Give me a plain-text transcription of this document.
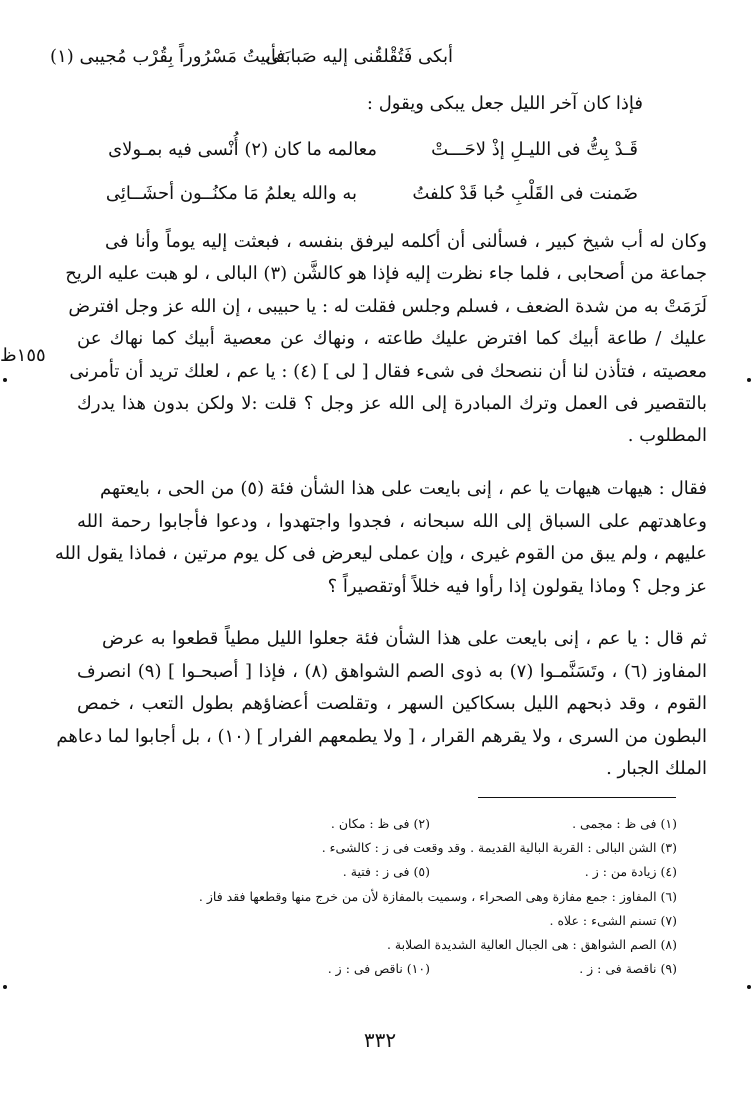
أبكى فَتُقْلقُنى إليه صَبابَتى
فأبيتُ مَسْرُوراً بِقُرْب مُجيبى (١)
فإذا كان آخر الليل جعل يبكى ويقول :
قَـدْ بِتُّ فى الليـلِ إذْ لاحَـــتْ
معالمه ما كان (٢) أُنْسى فيه بمـولاى
ضَمنت فى القَلْبِ حُبا قَدْ كلفتُ
به والله يعلمُ مَا مكنُــون أحشَــائِى
وكان له أب شيخ كبير ، فسألنى أن أكلمه ليرفق بنفسه ، فبعثت إليه يوماً وأنا فى
جماعة من أصحابى ، فلما جاء نظرت إليه فإذا هو كالشَّن (٣) البالى ، لو هبت عليه الريح
لَرَمَتْ به من شدة الضعف ، فسلم وجلس فقلت له : يا حبيبى ، إن الله عز وجل افترض
عليك / طاعة أبيك كما افترض عليك طاعته ، ونهاك عن معصية أبيك كما نهاك عن
معصيته ، فتأذن لنا أن ننصحك فى شىء فقال [ لى ] (٤) : يا عم ، لعلك تريد أن تأمرنى
بالتقصير فى العمل وترك المبادرة إلى الله عز وجل ؟ قلت :لا ولكن بدون هذا يدرك
المطلوب .
١٥٥ظ
فقال : هيهات هيهات يا عم ، إنى بايعت على هذا الشأن فئة (٥) من الحى ، بايعتهم
وعاهدتهم على السباق إلى الله سبحانه ، فجدوا واجتهدوا ، ودعوا فأجابوا رحمة الله
عليهم ، ولم يبق من القوم غيرى ، وإن عملى ليعرض فى كل يوم مرتين ، فماذا يقول الله
عز وجل ؟ وماذا يقولون إذا رأوا فيه خللاً أوتقصيراً ؟
ثم قال : يا عم ، إنى بايعت على هذا الشأن فئة جعلوا الليل مطياً قطعوا به عرض
المفاوز (٦) ، وتَسَنَّمـوا (٧) به ذوى الصم الشواهق (٨) ، فإذا [ أصبحـوا ] (٩) انصرف
القوم ، وقد ذبحهم الليل بسكاكين السهر ، وتقلصت أعضاؤهم بطول التعب ، خمص
البطون من السرى ، ولا يقرهم القرار ، [ ولا يطمعهم الفرار ] (١٠) ، بل أجابوا لما دعاهم
الملك الجبار .
(١) فى ظ : مجمى .
(٢) فى ظ : مكان .
(٣) الشن البالى : القربة البالية القديمة . وقد وقعت فى ز : كالشىء .
(٤) زيادة من : ز .
(٥) فى ز : فتية .
(٦) المفاوز : جمع مفازة وهى الصحراء ، وسميت بالمفازة لأن من خرج منها وقطعها فقد فاز .
(٧) تسنم الشىء : علاه .
(٨) الصم الشواهق : هى الجبال العالية الشديدة الصلابة .
(٩) ناقصة فى : ز .
(١٠) ناقص فى : ز .
٣٣٢
